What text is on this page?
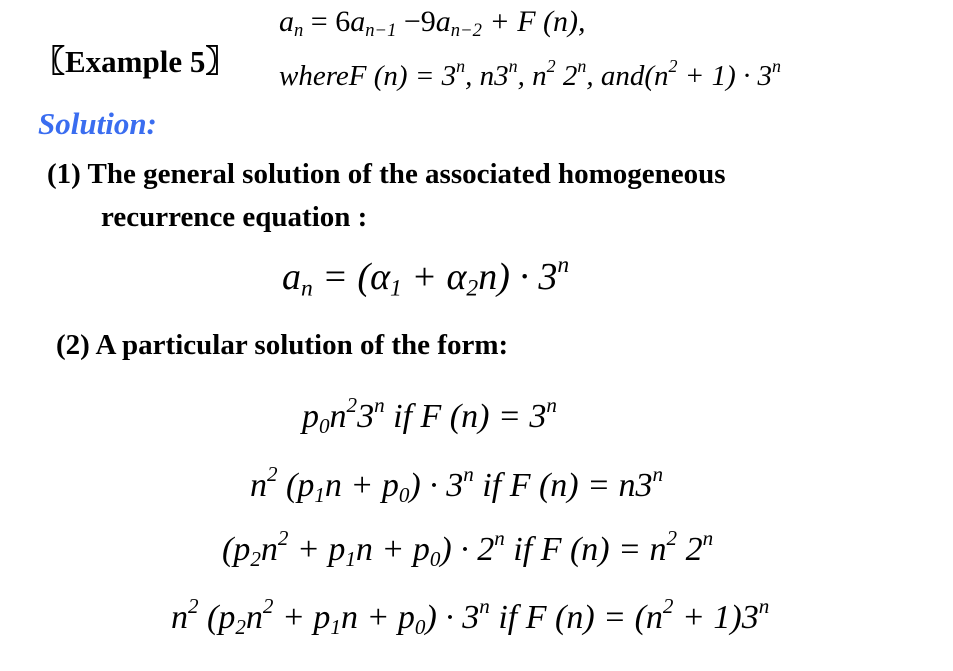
〖Example 5〗
$a_n = 6a_{n-1} -9a_{n-2} + F$ (n),
whereF $(n) = 3^n$, n3$^n$, $n^2$ 2$^n$, $and(n^2 + 1) \cdot 3^n$
Solution:
(1) The general solution of the associated homogeneous
recurrence equation :
$a_n = (\alpha_1 + \alpha_2n) \cdot 3^n$
(2) A particular solution of the form:
$p_0n^23^n$ if F $(n) = 3^n$
$n^2$ $(p_1n + p_0) \cdot 3^n$ if F $(n) = n3^n$
$(p_2n^2 + p_1n + p_0) \cdot 2^n$ if F $(n) = n^2$ 2$^n$
$n^2$ $(p_2n^2 + p_1n + p_0) \cdot 3^n$ if F $(n) = (n^2 + 1)3^n$
